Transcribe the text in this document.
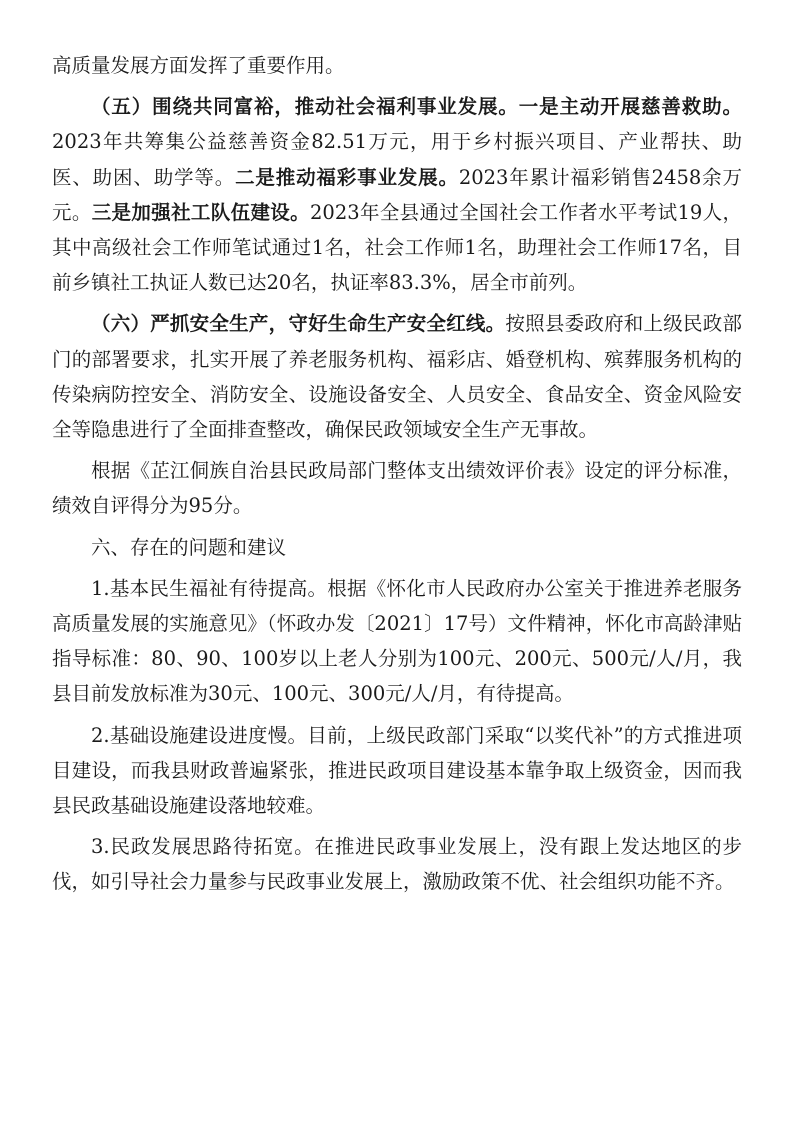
高质量发展方面发挥了重要作用。

（五）围绕共同富裕，推动社会福利事业发展。一是主动开展慈善救助。2023年共筹集公益慈善资金82.51万元，用于乡村振兴项目、产业帮扶、助医、助困、助学等。二是推动福彩事业发展。2023年累计福彩销售2458余万元。三是加强社工队伍建设。2023年全县通过全国社会工作者水平考试19人，其中高级社会工作师笔试通过1名，社会工作师1名，助理社会工作师17名，目前乡镇社工执证人数已达20名，执证率83.3%，居全市前列。

（六）严抓安全生产，守好生命生产安全红线。按照县委政府和上级民政部门的部署要求，扎实开展了养老服务机构、福彩店、婚登机构、殡葬服务机构的传染病防控安全、消防安全、设施设备安全、人员安全、食品安全、资金风险安全等隐患进行了全面排查整改，确保民政领域安全生产无事故。

根据《芷江侗族自治县民政局部门整体支出绩效评价表》设定的评分标准，绩效自评得分为95分。

六、存在的问题和建议

1.基本民生福祉有待提高。根据《怀化市人民政府办公室关于推进养老服务高质量发展的实施意见》（怀政办发〔2021〕17号）文件精神，怀化市高龄津贴指导标准：80、90、100岁以上老人分别为100元、200元、500元/人/月，我县目前发放标准为30元、100元、300元/人/月，有待提高。

2.基础设施建设进度慢。目前，上级民政部门采取“以奖代补”的方式推进项目建设，而我县财政普遍紧张，推进民政项目建设基本靠争取上级资金，因而我县民政基础设施建设落地较难。

3.民政发展思路待拓宽。在推进民政事业发展上，没有跟上发达地区的步伐，如引导社会力量参与民政事业发展上，激励政策不优、社会组织功能不齐。
